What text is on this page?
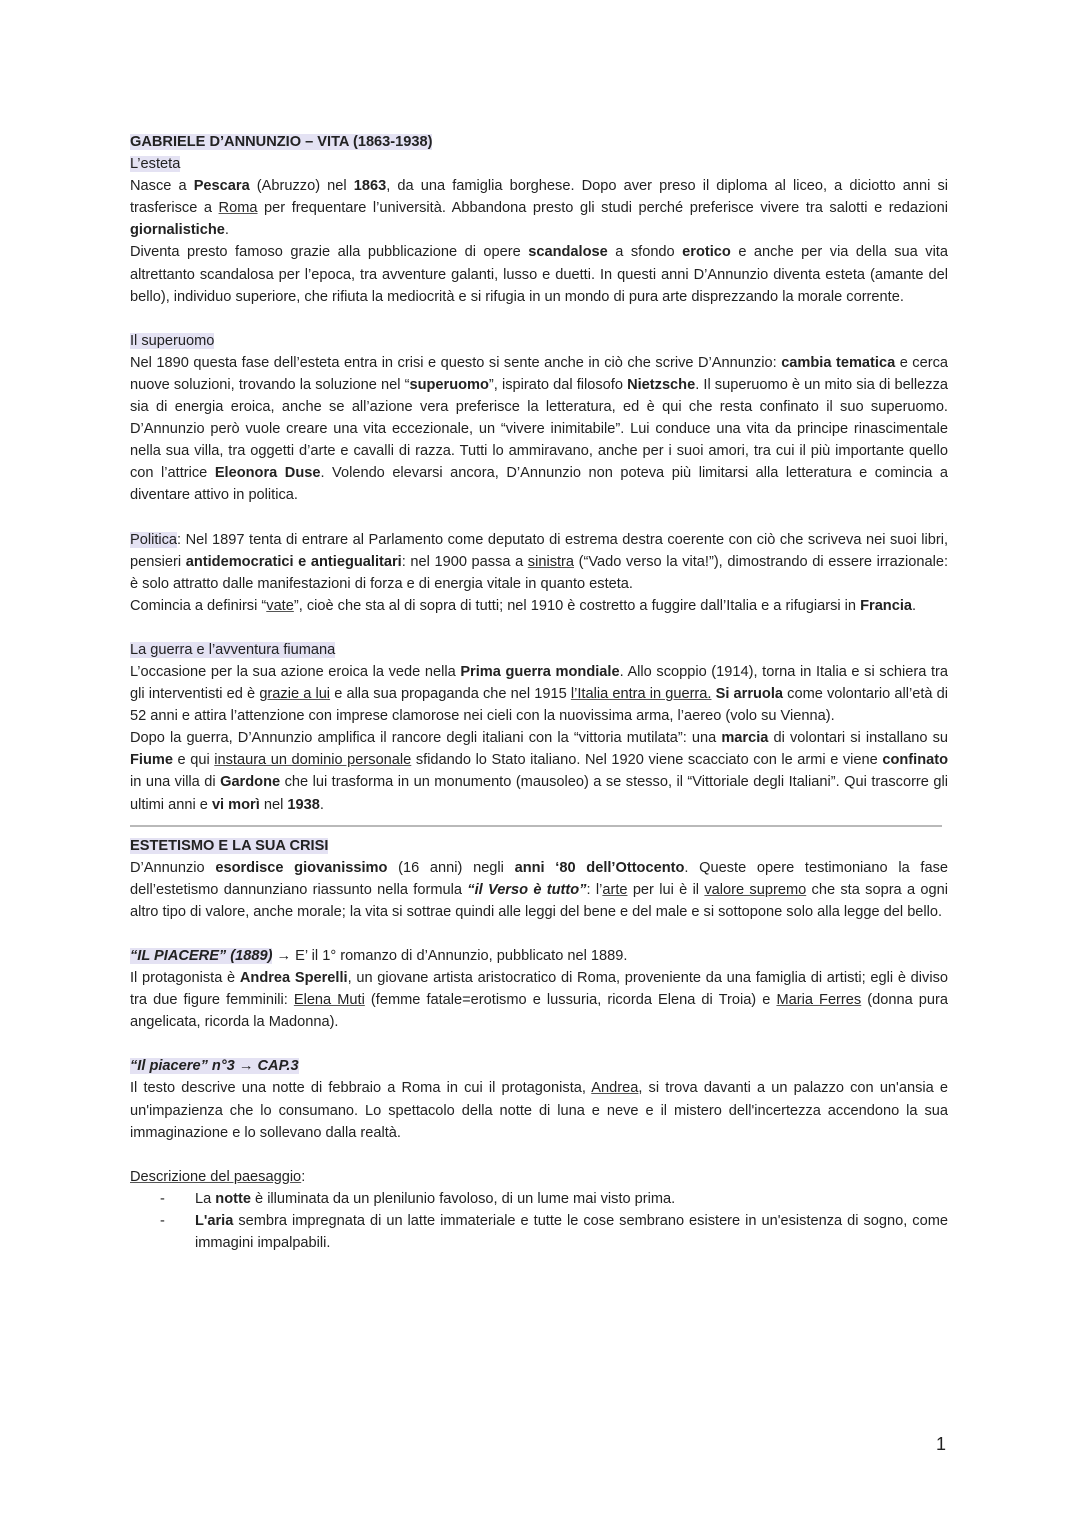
GABRIELE D’ANNUNZIO – VITA (1863-1938)

L’esteta

Nasce a Pescara (Abruzzo) nel 1863, da una famiglia borghese. Dopo aver preso il diploma al liceo, a diciotto anni si trasferisce a Roma per frequentare l’università. Abbandona presto gli studi perché preferisce vivere tra salotti e redazioni giornalistiche.

Diventa presto famoso grazie alla pubblicazione di opere scandalose a sfondo erotico e anche per via della sua vita altrettanto scandalosa per l’epoca, tra avventure galanti, lusso e duetti. In questi anni D’Annunzio diventa esteta (amante del bello), individuo superiore, che rifiuta la mediocrità e si rifugia in un mondo di pura arte disprezzando la morale corrente.

Il superuomo

Nel 1890 questa fase dell’esteta entra in crisi e questo si sente anche in ciò che scrive D’Annunzio: cambia tematica e cerca nuove soluzioni, trovando la soluzione nel “superuomo”, ispirato dal filosofo Nietzsche. Il superuomo è un mito sia di bellezza sia di energia eroica, anche se all’azione vera preferisce la letteratura, ed è qui che resta confinato il suo superuomo. D’Annunzio però vuole creare una vita eccezionale, un “vivere inimitabile”. Lui conduce una vita da principe rinascimentale nella sua villa, tra oggetti d’arte e cavalli di razza. Tutti lo ammiravano, anche per i suoi amori, tra cui il più importante quello con l’attrice Eleonora Duse. Volendo elevarsi ancora, D’Annunzio non poteva più limitarsi alla letteratura e comincia a diventare attivo in politica.

Politica: Nel 1897 tenta di entrare al Parlamento come deputato di estrema destra coerente con ciò che scriveva nei suoi libri, pensieri antidemocratici e antiegualitari: nel 1900 passa a sinistra (“Vado verso la vita!”), dimostrando di essere irrazionale: è solo attratto dalle manifestazioni di forza e di energia vitale in quanto esteta.

Comincia a definirsi “vate”, cioè che sta al di sopra di tutti; nel 1910 è costretto a fuggire dall’Italia e a rifugiarsi in Francia.

La guerra e l’avventura fiumana

L’occasione per la sua azione eroica la vede nella Prima guerra mondiale. Allo scoppio (1914), torna in Italia e si schiera tra gli interventisti ed è grazie a lui e alla sua propaganda che nel 1915 l’Italia entra in guerra. Si arruola come volontario all’età di 52 anni e attira l’attenzione con imprese clamorose nei cieli con la nuovissima arma, l’aereo (volo su Vienna).

Dopo la guerra, D’Annunzio amplifica il rancore degli italiani con la “vittoria mutilata”: una marcia di volontari si installano su Fiume e qui instaura un dominio personale sfidando lo Stato italiano. Nel 1920 viene scacciato con le armi e viene confinato in una villa di Gardone che lui trasforma in un monumento (mausoleo) a se stesso, il “Vittoriale degli Italiani”. Qui trascorre gli ultimi anni e vi morì nel 1938.

ESTETISMO E LA SUA CRISI

D’Annunzio esordisce giovanissimo (16 anni) negli anni ‘80 dell’Ottocento. Queste opere testimoniano la fase dell’estetismo dannunziano riassunto nella formula “il Verso è tutto”: l’arte per lui è il valore supremo che sta sopra a ogni altro tipo di valore, anche morale; la vita si sottrae quindi alle leggi del bene e del male e si sottopone solo alla legge del bello.

“IL PIACERE” (1889) → E’ il 1° romanzo di d’Annunzio, pubblicato nel 1889.

Il protagonista è Andrea Sperelli, un giovane artista aristocratico di Roma, proveniente da una famiglia di artisti; egli è diviso tra due figure femminili: Elena Muti (femme fatale=erotismo e lussuria, ricorda Elena di Troia) e Maria Ferres (donna pura angelicata, ricorda la Madonna).

“Il piacere” n°3 → CAP.3

Il testo descrive una notte di febbraio a Roma in cui il protagonista, Andrea, si trova davanti a un palazzo con un'ansia e un'impazienza che lo consumano. Lo spettacolo della notte di luna e neve e il mistero dell'incertezza accendono la sua immaginazione e lo sollevano dalla realtà.

Descrizione del paesaggio:

- La notte è illuminata da un plenilunio favoloso, di un lume mai visto prima.
- L'aria sembra impregnata di un latte immateriale e tutte le cose sembrano esistere in un'esistenza di sogno, come immagini impalpabili.
1
